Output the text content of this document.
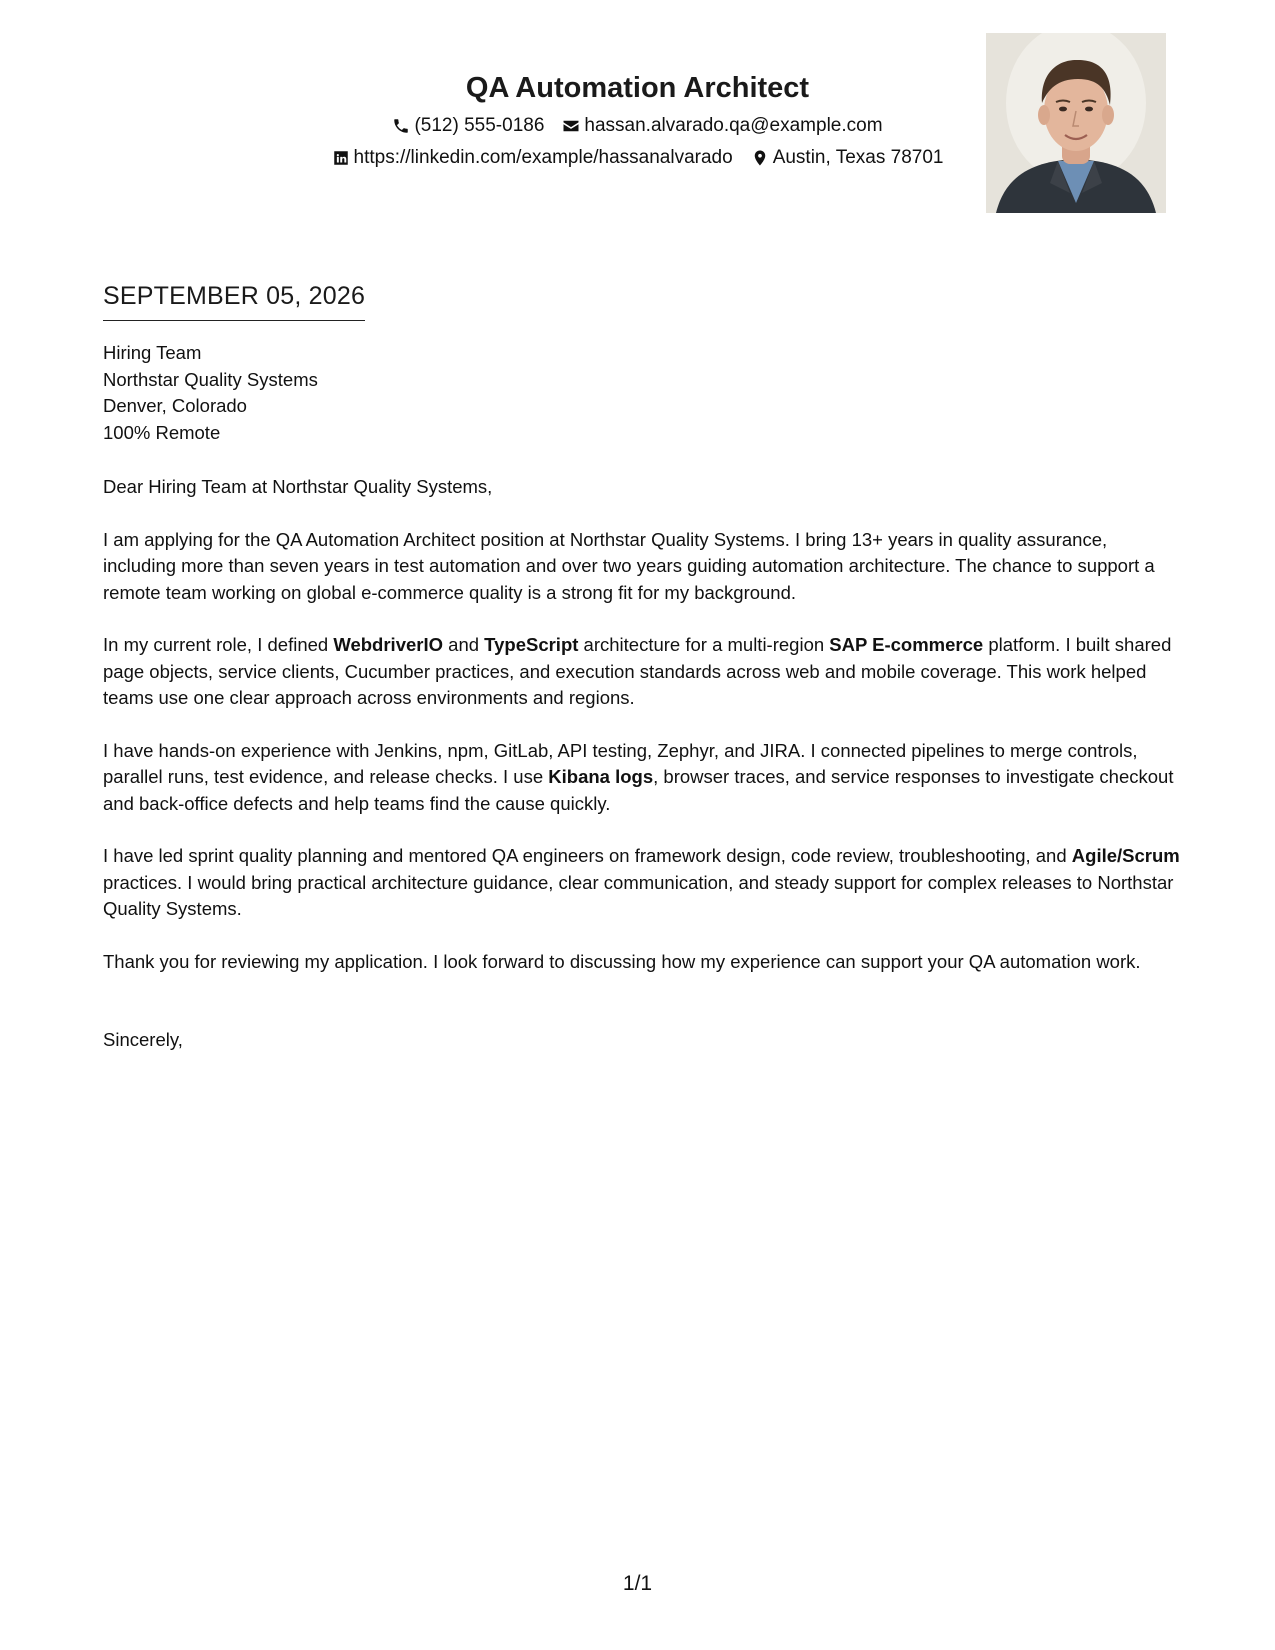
QA Automation Architect
(512) 555-0186 hassan.alvarado.qa@example.com
https://linkedin.com/example/hassanalvarado Austin, Texas 78701
SEPTEMBER 05, 2026
Hiring Team
Northstar Quality Systems
Denver, Colorado
100% Remote

Dear Hiring Team at Northstar Quality Systems,

I am applying for the QA Automation Architect position at Northstar Quality Systems. I bring 13+ years in quality assurance, including more than seven years in test automation and over two years guiding automation architecture. The chance to support a remote team working on global e-commerce quality is a strong fit for my background.

In my current role, I defined WebdriverIO and TypeScript architecture for a multi-region SAP E-commerce platform. I built shared page objects, service clients, Cucumber practices, and execution standards across web and mobile coverage. This work helped teams use one clear approach across environments and regions.

I have hands-on experience with Jenkins, npm, GitLab, API testing, Zephyr, and JIRA. I connected pipelines to merge controls, parallel runs, test evidence, and release checks. I use Kibana logs, browser traces, and service responses to investigate checkout and back-office defects and help teams find the cause quickly.

I have led sprint quality planning and mentored QA engineers on framework design, code review, troubleshooting, and Agile/Scrum practices. I would bring practical architecture guidance, clear communication, and steady support for complex releases to Northstar Quality Systems.

Thank you for reviewing my application. I look forward to discussing how my experience can support your QA automation work.

Sincerely,

1/1
